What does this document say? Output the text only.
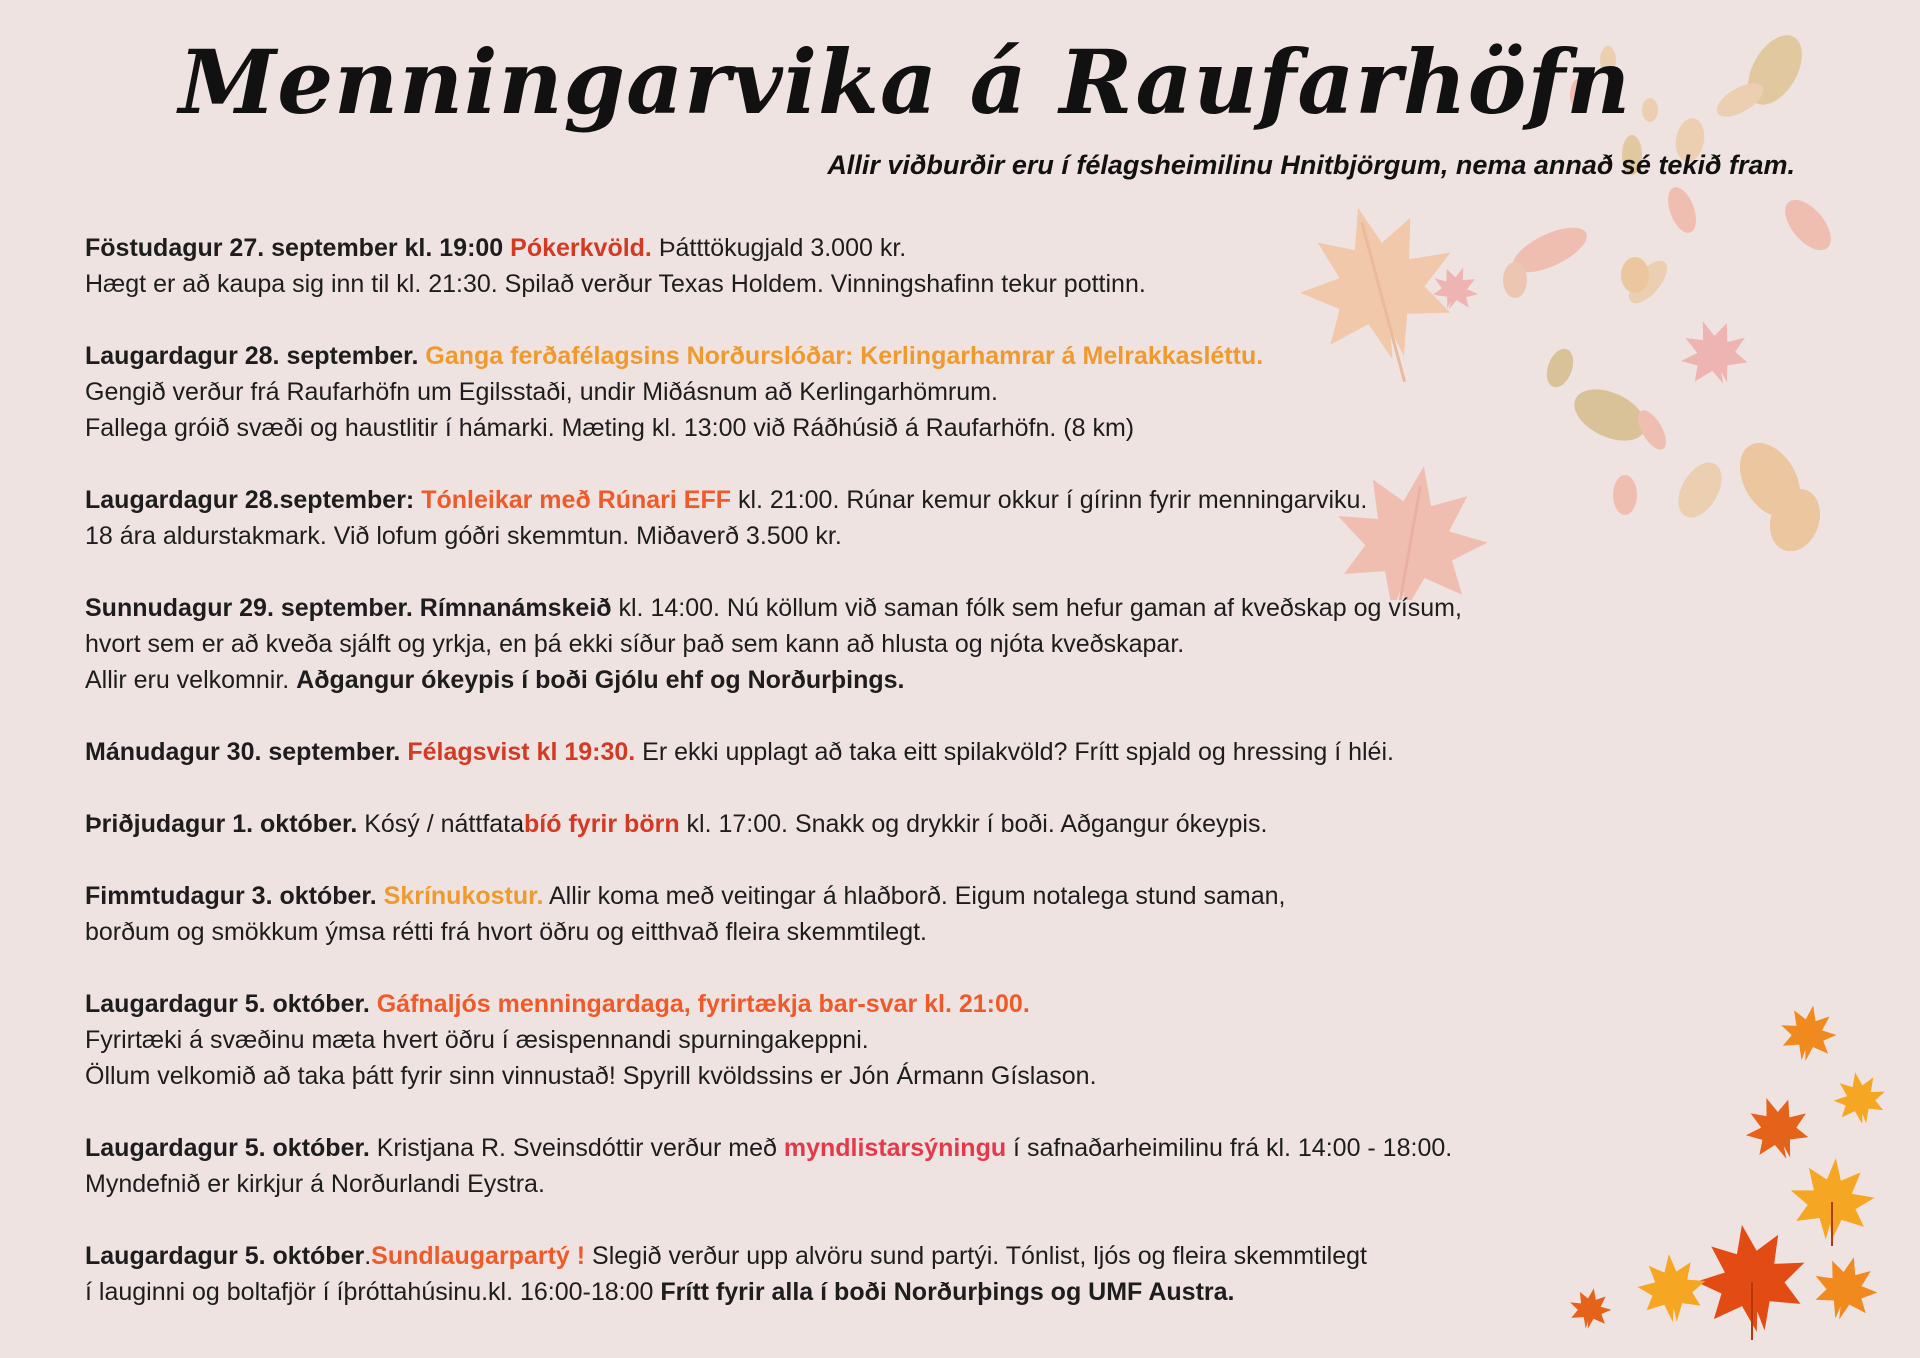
Menningarvika á Raufarhöfn
Allir viðburðir eru í félagsheimilinu Hnitbjörgum, nema annað sé tekið fram.
Föstudagur 27. september kl. 19:00 Pókerkvöld. Þátttökugjald 3.000 kr.
Hægt er að kaupa sig inn til kl. 21:30. Spilað verður Texas Holdem. Vinningshafinn tekur pottinn.
Laugardagur 28. september. Ganga ferðafélagsins Norðurslóðar: Kerlingarhamrar á Melrakkasléttu.
Gengið verður frá Raufarhöfn um Egilsstaði, undir Miðásnum að Kerlingarhömrum.
Fallega gróið svæði og haustlitir í hámarki. Mæting kl. 13:00 við Ráðhúsið á Raufarhöfn. (8 km)
Laugardagur 28.september: Tónleikar með Rúnari EFF kl. 21:00. Rúnar kemur okkur í gírinn fyrir menningarviku.
18 ára aldurstakmark. Við lofum góðri skemmtun. Miðaverð 3.500 kr.
Sunnudagur 29. september. Rímnanámskeið kl. 14:00. Nú köllum við saman fólk sem hefur gaman af kveðskap og vísum,
hvort sem er að kveða sjálft og yrkja, en þá ekki síður það sem kann að hlusta og njóta kveðskapar.
Allir eru velkomnir. Aðgangur ókeypis í boði Gjólu ehf og Norðurþings.
Mánudagur 30. september. Félagsvist kl 19:30. Er ekki upplagt að taka eitt spilakvöld? Frítt spjald og hressing í hléi.
Þriðjudagur 1. október. Kósý / náttfatabíó fyrir börn kl. 17:00. Snakk og drykkir í boði. Aðgangur ókeypis.
Fimmtudagur 3. október. Skrínukostur. Allir koma með veitingar á hlaðborð. Eigum notalega stund saman,
borðum og smökkum ýmsa rétti frá hvort öðru og eitthvað fleira skemmtilegt.
Laugardagur 5. október. Gáfnaljós menningardaga, fyrirtækja bar-svar kl. 21:00.
Fyrirtæki á svæðinu mæta hvert öðru í æsispennandi spurningakeppni.
Öllum velkomið að taka þátt fyrir sinn vinnustað! Spyrill kvöldssins er Jón Ármann Gíslason.
Laugardagur 5. október. Kristjana R. Sveinsdóttir verður með myndlistarsýningu í safnaðarheimilinu frá kl. 14:00 - 18:00.
Myndefnið er kirkjur á Norðurlandi Eystra.
Laugardagur 5. október.Sundlaugarpartý ! Slegið verður upp alvöru sund partýi. Tónlist, ljós og fleira skemmtilegt
í lauginni og boltafjör í íþróttahúsinu.kl. 16:00-18:00 Frítt fyrir alla í boði Norðurþings og UMF Austra.
